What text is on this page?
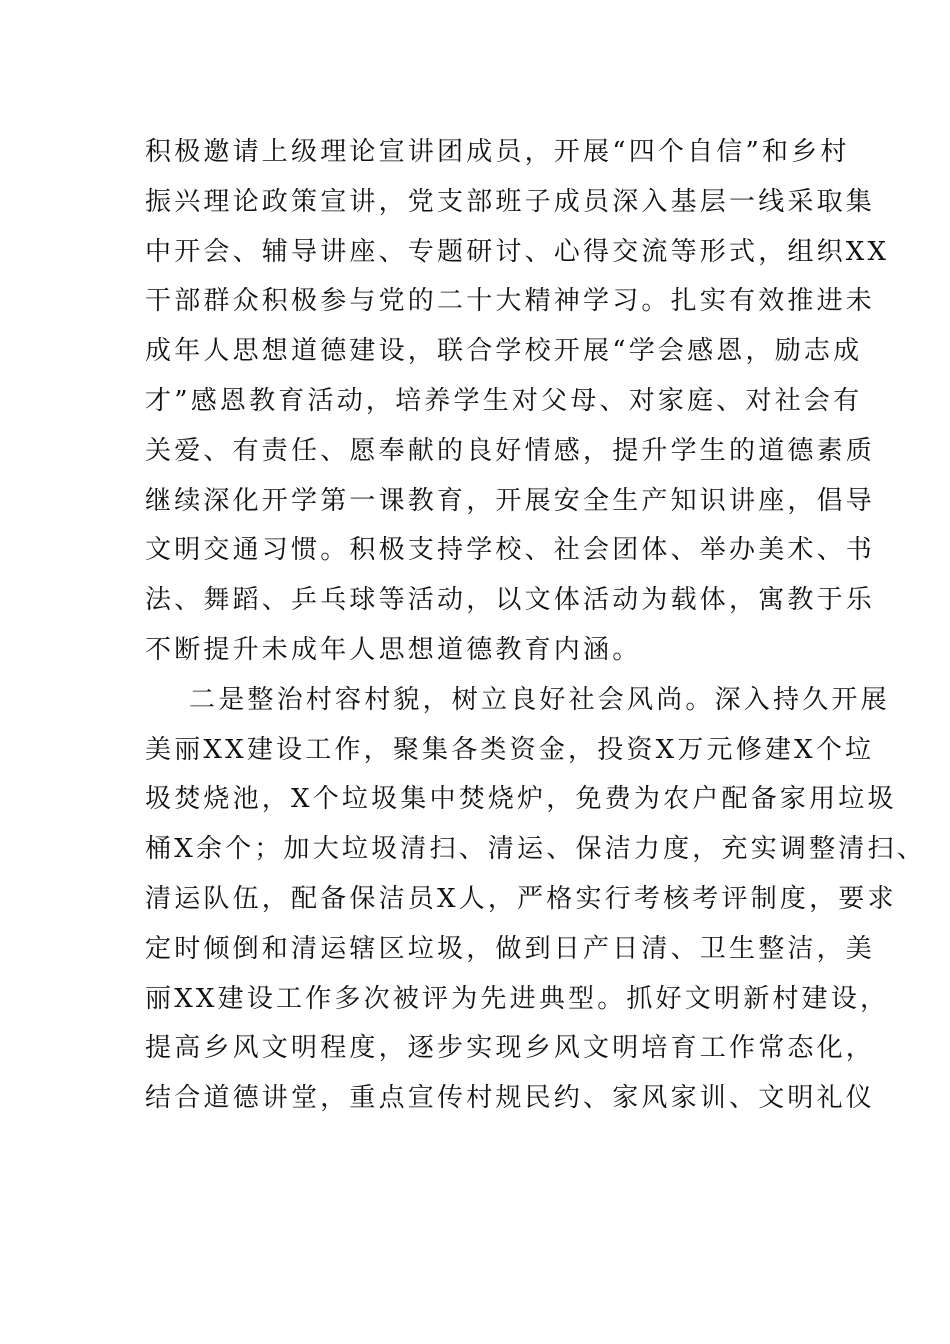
积极邀请上级理论宣讲团成员，开展“四个自信”和乡村
振兴理论政策宣讲，党支部班子成员深入基层一线采取集
中开会、辅导讲座、专题研讨、心得交流等形式，组织XX
干部群众积极参与党的二十大精神学习。扎实有效推进未
成年人思想道德建设，联合学校开展“学会感恩，励志成
才”感恩教育活动，培养学生对父母、对家庭、对社会有
关爱、有责任、愿奉献的良好情感，提升学生的道德素质
继续深化开学第一课教育，开展安全生产知识讲座，倡导
文明交通习惯。积极支持学校、社会团体、举办美术、书
法、舞蹈、乒乓球等活动，以文体活动为载体，寓教于乐
不断提升未成年人思想道德教育内涵。
二是整治村容村貌，树立良好社会风尚。深入持久开展
美丽XX建设工作，聚集各类资金，投资X万元修建X个垃
圾焚烧池，X个垃圾集中焚烧炉，免费为农户配备家用垃圾
桶X余个；加大垃圾清扫、清运、保洁力度，充实调整清扫、
清运队伍，配备保洁员X人，严格实行考核考评制度，要求
定时倾倒和清运辖区垃圾，做到日产日清、卫生整洁，美
丽XX建设工作多次被评为先进典型。抓好文明新村建设，
提高乡风文明程度，逐步实现乡风文明培育工作常态化，
结合道德讲堂，重点宣传村规民约、家风家训、文明礼仪
